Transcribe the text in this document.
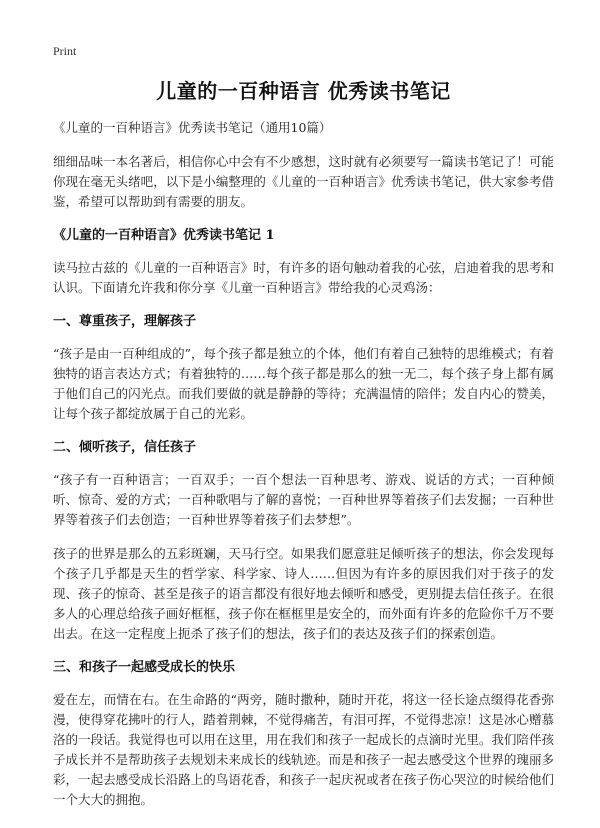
Print
儿童的一百种语言 优秀读书笔记
《儿童的一百种语言》优秀读书笔记（通用10篇）

细细品味一本名著后，相信你心中会有不少感想，这时就有必须要写一篇读书笔记了！可能你现在毫无头绪吧，以下是小编整理的《儿童的一百种语言》优秀读书笔记，供大家参考借鉴，希望可以帮助到有需要的朋友。

《儿童的一百种语言》优秀读书笔记 1

读马拉古兹的《儿童的一百种语言》时，有许多的语句触动着我的心弦，启迪着我的思考和认识。下面请允许我和你分享《儿童一百种语言》带给我的心灵鸡汤：

一、尊重孩子，理解孩子

“孩子是由一百种组成的”，每个孩子都是独立的个体，他们有着自己独特的思维模式；有着独特的语言表达方式；有着独特的……每个孩子都是那么的独一无二，每个孩子身上都有属于他们自己的闪光点。而我们要做的就是静静的等待；充满温情的陪伴；发自内心的赞美，让每个孩子都绽放属于自己的光彩。

二、倾听孩子，信任孩子

“孩子有一百种语言；一百双手；一百个想法一百种思考、游戏、说话的方式；一百种倾听、惊奇、爱的方式；一百种歌唱与了解的喜悦；一百种世界等着孩子们去发掘；一百种世界等着孩子们去创造；一百种世界等着孩子们去梦想”。

孩子的世界是那么的五彩斑斓，天马行空。如果我们愿意驻足倾听孩子的想法，你会发现每个孩子几乎都是天生的哲学家、科学家、诗人……但因为有许多的原因我们对于孩子的发现、孩子的惊奇、甚至是孩子的语言都没有很好地去倾听和感受，更别提去信任孩子。在很多人的心理总给孩子画好框框，孩子你在框框里是安全的，而外面有许多的危险你千万不要出去。在这一定程度上扼杀了孩子们的想法，孩子们的表达及孩子们的探索创造。

三、和孩子一起感受成长的快乐

爱在左，而情在右。在生命路的“两旁，随时撒种，随时开花，将这一径长途点缀得花香弥漫，使得穿花拂叶的行人，踏着荆棘，不觉得痛苦，有泪可挥，不觉得悲凉！这是冰心赠慕洛的一段话。我觉得也可以用在这里，用在我们和孩子一起成长的点滴时光里。我们陪伴孩子成长并不是帮助孩子去规划未来成长的线轨迹。而是和孩子一起去感受这个世界的瑰丽多彩，一起去感受成长沿路上的鸟语花香，和孩子一起庆祝或者在孩子伤心哭泣的时候给他们一个大大的拥抱。
